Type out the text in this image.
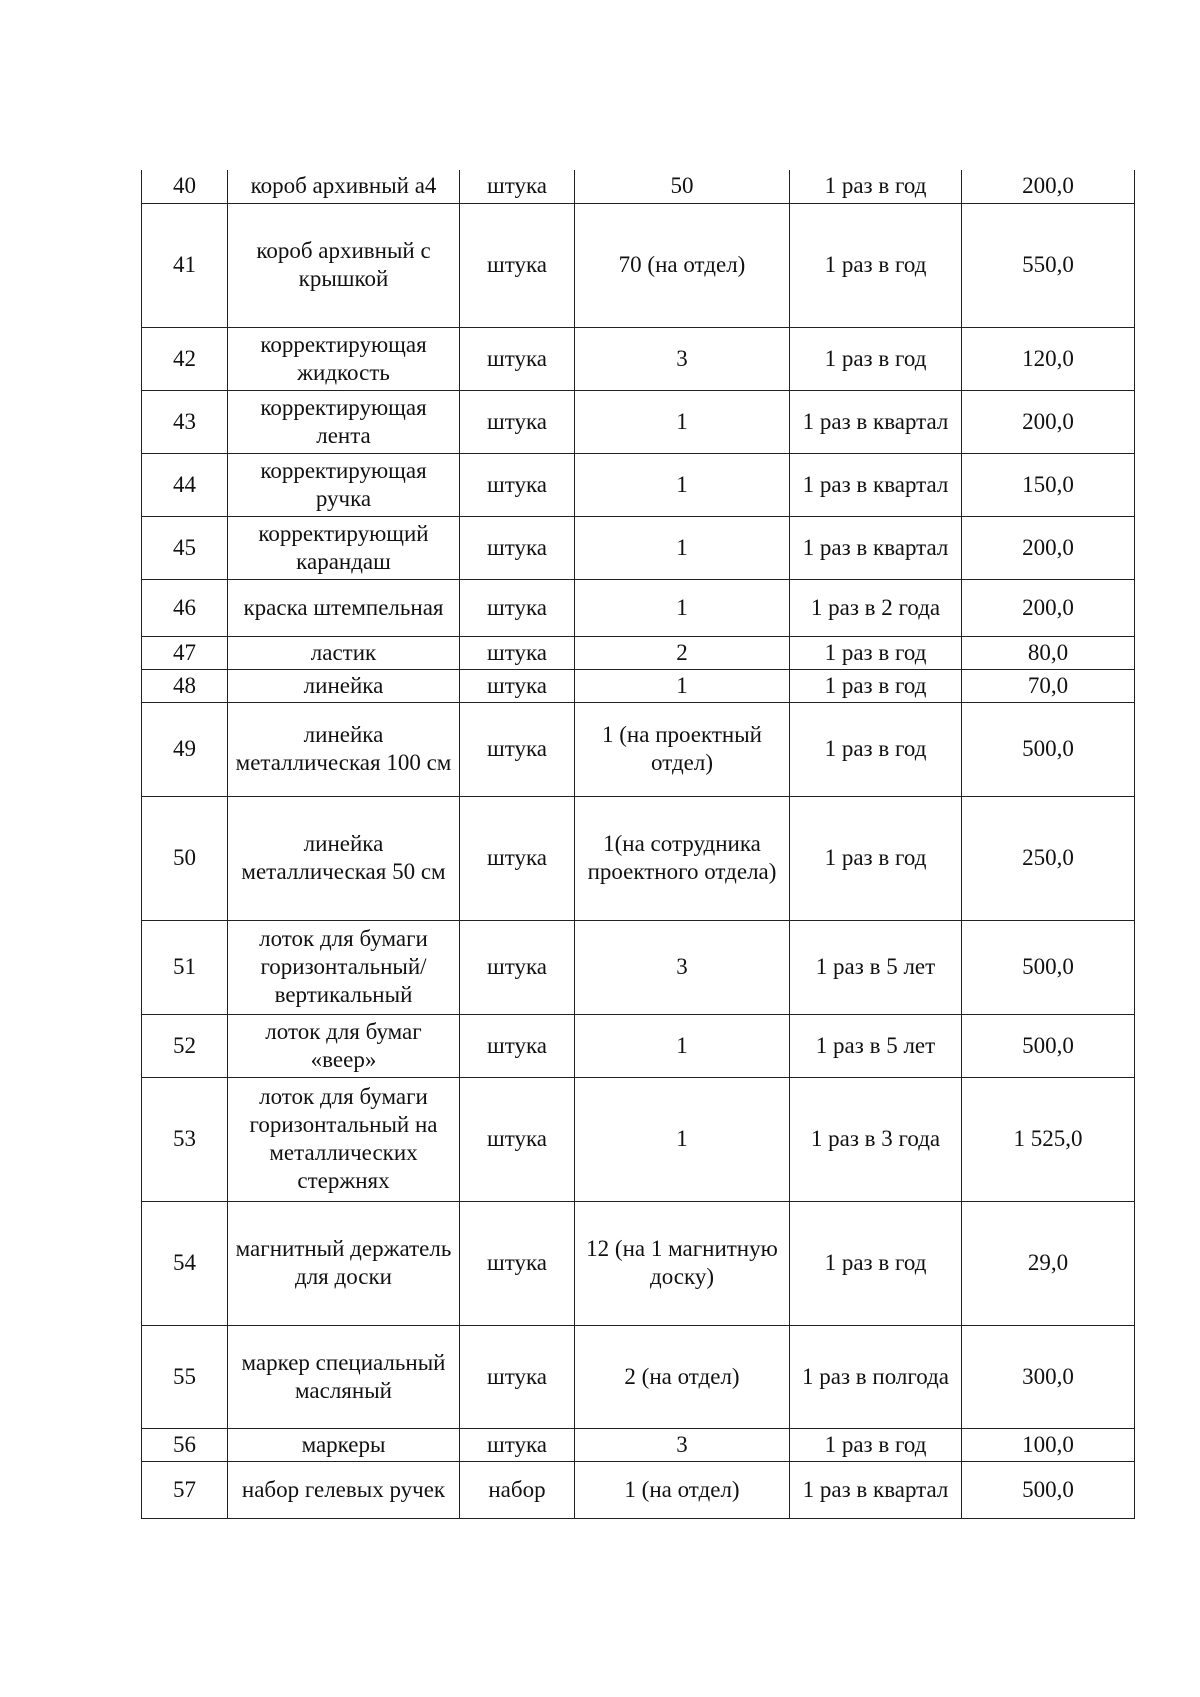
40	короб архивный а4	штука	50	1 раз в год	200,0
41	короб архивный с крышкой	штука	70 (на отдел)	1 раз в год	550,0
42	корректирующая жидкость	штука	3	1 раз в год	120,0
43	корректирующая лента	штука	1	1 раз в квартал	200,0
44	корректирующая ручка	штука	1	1 раз в квартал	150,0
45	корректирующий карандаш	штука	1	1 раз в квартал	200,0
46	краска штемпельная	штука	1	1 раз в 2 года	200,0
47	ластик	штука	2	1 раз в год	80,0
48	линейка	штука	1	1 раз в год	70,0
49	линейка металлическая 100 см	штука	1 (на проектный отдел)	1 раз в год	500,0
50	линейка металлическая 50 см	штука	1(на сотрудника проектного отдела)	1 раз в год	250,0
51	лоток для бумаги горизонтальный/вертикальный	штука	3	1 раз в 5 лет	500,0
52	лоток для бумаг «веер»	штука	1	1 раз в 5 лет	500,0
53	лоток для бумаги горизонтальный на металлических стержнях	штука	1	1 раз в 3 года	1 525,0
54	магнитный держатель для доски	штука	12 (на 1 магнитную доску)	1 раз в год	29,0
55	маркер специальный масляный	штука	2 (на отдел)	1 раз в полгода	300,0
56	маркеры	штука	3	1 раз в год	100,0
57	набор гелевых ручек	набор	1 (на отдел)	1 раз в квартал	500,0
